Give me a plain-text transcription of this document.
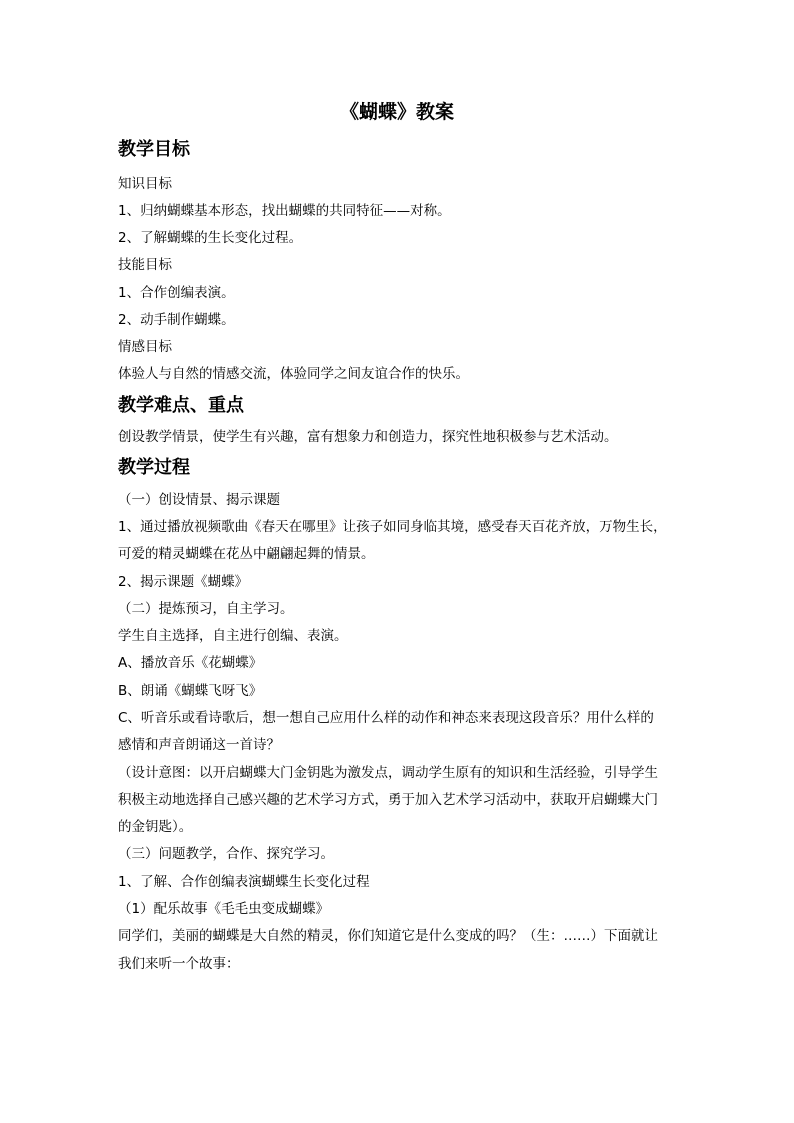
《蝴蝶》教案
教学目标
知识目标
1、归纳蝴蝶基本形态，找出蝴蝶的共同特征——对称。
2、了解蝴蝶的生长变化过程。
技能目标
1、合作创编表演。
2、动手制作蝴蝶。
情感目标
体验人与自然的情感交流，体验同学之间友谊合作的快乐。
教学难点、重点
创设教学情景，使学生有兴趣，富有想象力和创造力，探究性地积极参与艺术活动。
教学过程
（一）创设情景、揭示课题
1、通过播放视频歌曲《春天在哪里》让孩子如同身临其境，感受春天百花齐放，万物生长，
可爱的精灵蝴蝶在花丛中翩翩起舞的情景。
2、揭示课题《蝴蝶》
（二）提炼预习，自主学习。
学生自主选择，自主进行创编、表演。
A、播放音乐《花蝴蝶》
B、朗诵《蝴蝶飞呀飞》
C、听音乐或看诗歌后，想一想自己应用什么样的动作和神态来表现这段音乐？用什么样的
感情和声音朗诵这一首诗？
（设计意图：以开启蝴蝶大门金钥匙为激发点，调动学生原有的知识和生活经验，引导学生
积极主动地选择自己感兴趣的艺术学习方式，勇于加入艺术学习活动中，获取开启蝴蝶大门
的金钥匙）。
（三）问题教学，合作、探究学习。
1、了解、合作创编表演蝴蝶生长变化过程
（1）配乐故事《毛毛虫变成蝴蝶》
同学们，美丽的蝴蝶是大自然的精灵，你们知道它是什么变成的吗？（生：……）下面就让
我们来听一个故事：
